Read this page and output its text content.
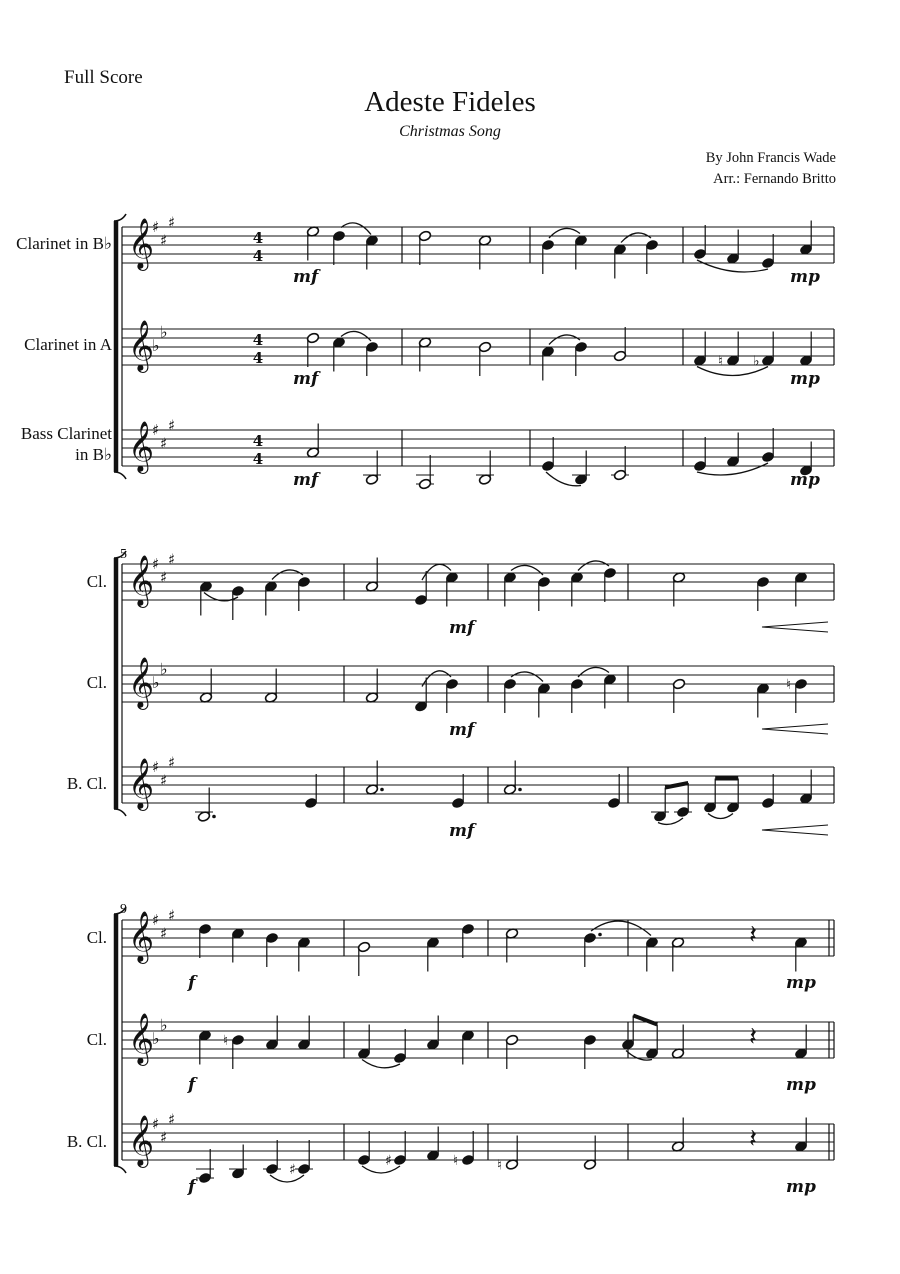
Full Score
Adeste Fideles
Christmas Song
By John Francis Wade
Arr.: Fernando Britto
Clarinet in B♭
Clarinet in A
Bass Clarinet
in B♭
𝄞
♯
♯
♯
4
4
𝄞
♭
♭	4
4
𝄞
♯
♯
♯
4
4
mf	mp
♮ ♭
mf	mp
mf	mp
5
Cl.
Cl.
B. Cl.
𝄞
♯
♯
♯
𝄞
♭
♭
𝄞
♯
♯
♯
mf
♮
mf
mf
9
Cl.
Cl.
B. Cl.
𝄞
♯
♯
♯
𝄞
♭
♭
𝄞
♯
♯
♯
𝄽
f	mp
♮	𝄽
f	mp
♯
♯	♮	♮
𝄽
f	mp
